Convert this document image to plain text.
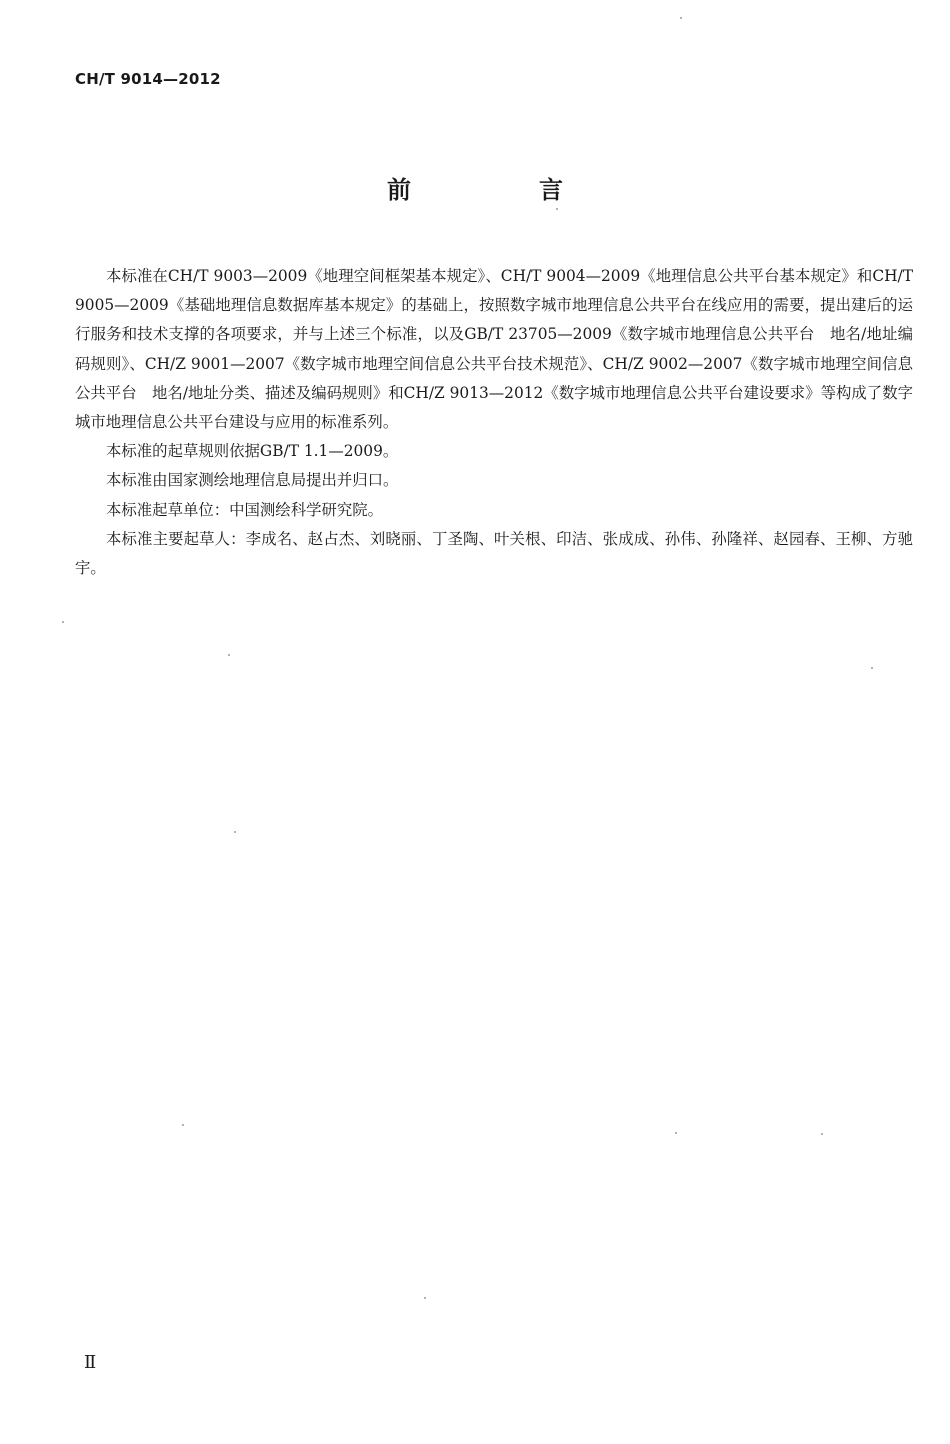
CH/T 9014—2012
前　言

本标准在CH/T 9003—2009《地理空间框架基本规定》、CH/T 9004—2009《地理信息公共平台基本规定》和CH/T 9005—2009《基础地理信息数据库基本规定》的基础上，按照数字城市地理信息公共平台在线应用的需要，提出建后的运行服务和技术支撑的各项要求，并与上述三个标准，以及GB/T 23705—2009《数字城市地理信息公共平台　地名/地址编码规则》、CH/Z 9001—2007《数字城市地理空间信息公共平台技术规范》、CH/Z 9002—2007《数字城市地理空间信息公共平台　地名/地址分类、描述及编码规则》和CH/Z 9013—2012《数字城市地理信息公共平台建设要求》等构成了数字城市地理信息公共平台建设与应用的标准系列。

本标准的起草规则依据GB/T 1.1—2009。

本标准由国家测绘地理信息局提出并归口。

本标准起草单位：中国测绘科学研究院。

本标准主要起草人：李成名、赵占杰、刘晓丽、丁圣陶、叶关根、印洁、张成成、孙伟、孙隆祥、赵园春、王柳、方驰宇。

Ⅱ
